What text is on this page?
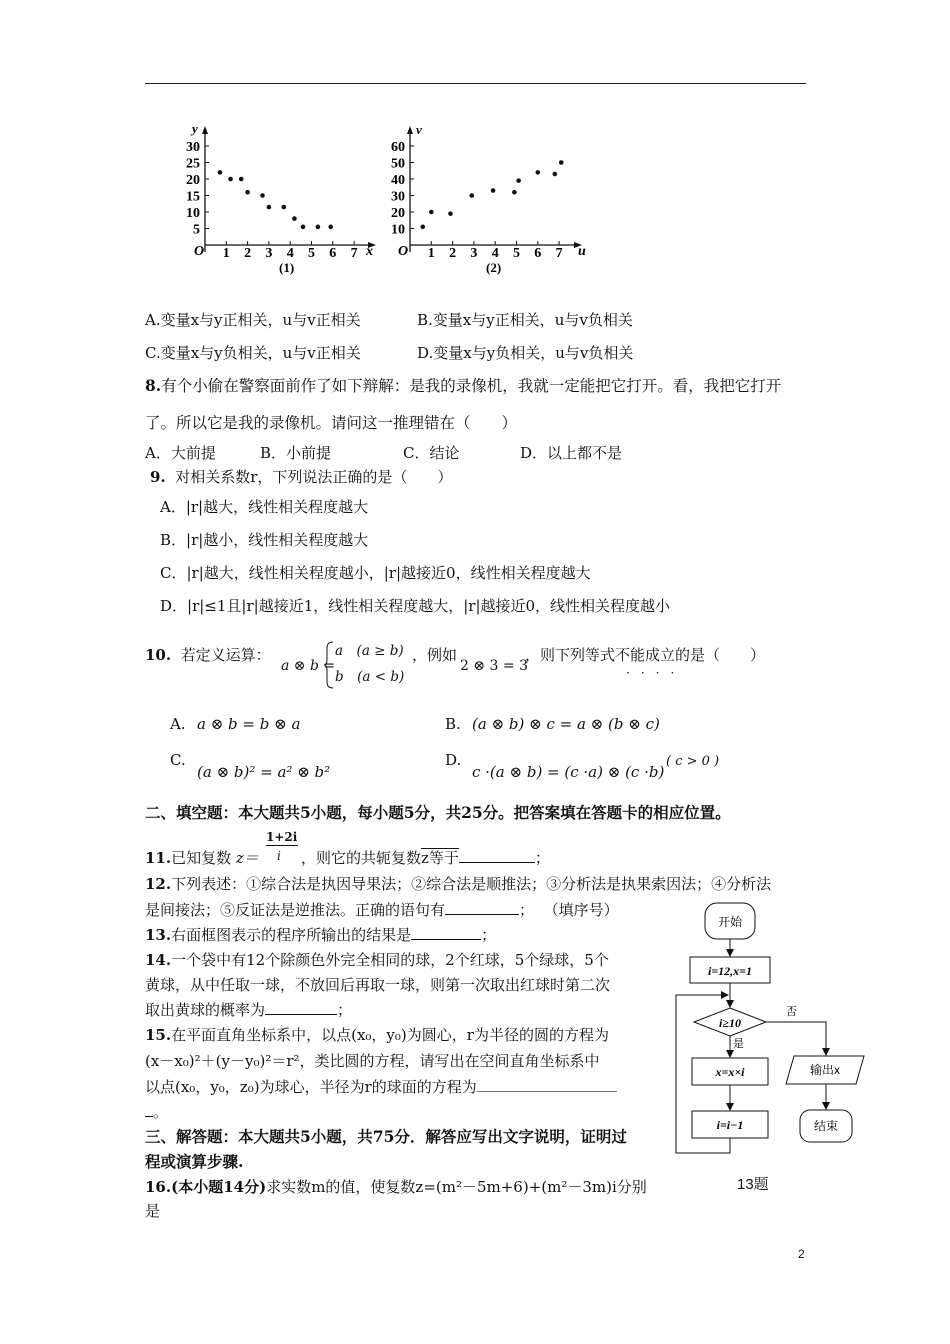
5
10
15
20
25
30
1 2 3 4 5 6 7
y
O	x
(1)
10
20
30
40
50
60
1 2 3 4 5 6 7
v
O	u
(2)
A.变量x与y正相关，u与v正相关	B.变量x与y正相关，u与v负相关
C.变量x与y负相关，u与v正相关	D.变量x与y负相关，u与v负相关
8.有个小偷在警察面前作了如下辩解：是我的录像机，我就一定能把它打开。看，我把它打开
了。所以它是我的录像机。请问这一推理错在（　　）
A．大前提	B．小前提	C．结论	D．以上都不是
9. 对相关系数r，下列说法正确的是（　　）
A．|r|越大，线性相关程度越大
B．|r|越小，线性相关程度越大
C．|r|越大，线性相关程度越小，|r|越接近0，线性相关程度越大
D．|r|≤1且|r|越接近1，线性相关程度越大，|r|越接近0，线性相关程度越小
10. 若定义运算：
a ⊗ b =
a　(a ≥ b)
b　(a < b)
，例如
2 ⊗ 3 = 3
，则下列等式不能成立的是（　　）
····
A. a ⊗ b = b ⊗ a	B. (a ⊗ b) ⊗ c = a ⊗ (b ⊗ c)
C.
(a ⊗ b)² = a² ⊗ b²
D.
c ·(a ⊗ b) = (c ·a) ⊗ (c ·b)
( c > 0 )
二、填空题：本大题共5小题，每小题5分，共25分。把答案填在答题卡的相应位置。
11.已知复数 z＝
1+2i
i ，则它的共轭复数z等于	；
12.下列表述：①综合法是执因导果法；②综合法是顺推法；③分析法是执果索因法；④分析法
是间接法；⑤反证法是逆推法。正确的语句有	； （填序号）
13.右面框图表示的程序所输出的结果是	；
14.一个袋中有12个除颜色外完全相同的球，2个红球，5个绿球，5个
黄球，从中任取一球，不放回后再取一球，则第一次取出红球时第二次
取出黄球的概率为	；
15.在平面直角坐标系中，以点(x₀，y₀)为圆心，r为半径的圆的方程为
(x－x₀)²＋(y－y₀)²＝r²，类比圆的方程，请写出在空间直角坐标系中
以点(x₀，y₀，z₀)为球心，半径为r的球面的方程为
。
三、解答题：本大题共5小题，共75分．解答应写出文字说明，证明过
程或演算步骤.
16.(本小题14分)求实数m的值，使复数z=(m²－5m+6)+(m²－3m)i分别
是
开始
i=12,x=1
i≥10
是
x=x×i
i=i−1
否
输出x
结束
13题
2
